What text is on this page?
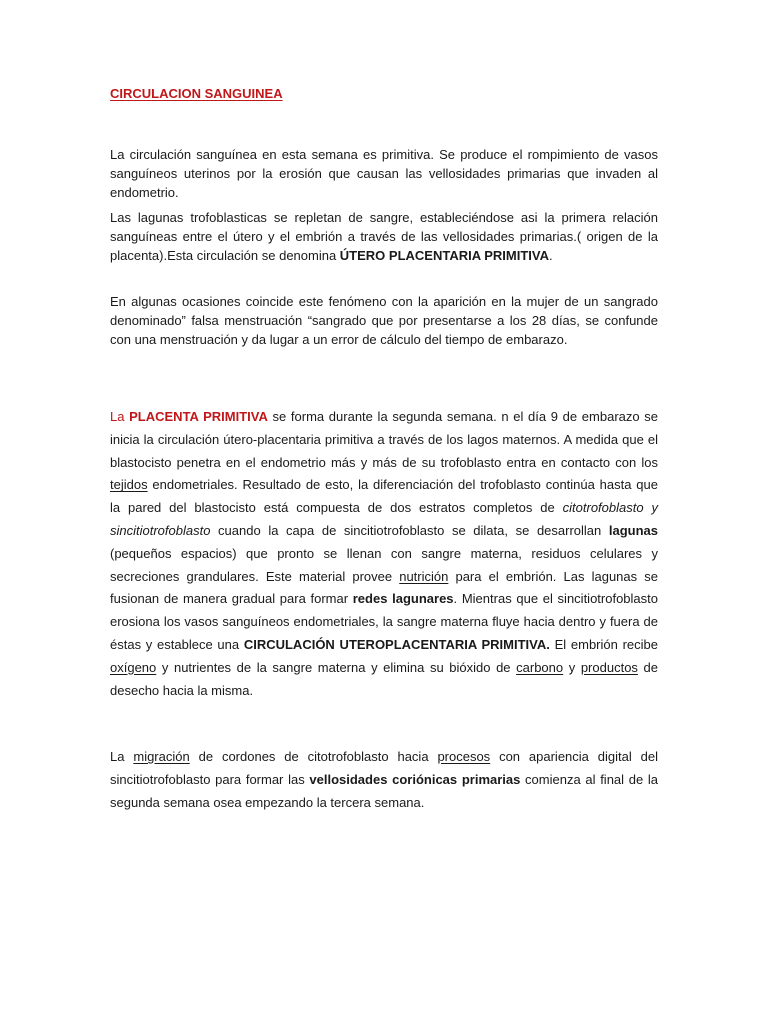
CIRCULACION SANGUINEA

La circulación sanguínea en esta semana es primitiva. Se produce el rompimiento de vasos sanguíneos uterinos por la erosión que causan las vellosidades primarias que invaden al endometrio.

Las lagunas trofoblasticas se repletan de sangre, estableciéndose asi la primera relación sanguíneas entre el útero y el embrión a través de las vellosidades primarias.( origen de la placenta).Esta circulación se denomina ÚTERO PLACENTARIA PRIMITIVA.

En algunas ocasiones coincide este fenómeno con la aparición en la mujer de un sangrado denominado” falsa menstruación “sangrado que por presentarse a los 28 días, se confunde con una menstruación y da lugar a un error de cálculo del tiempo de embarazo.

La PLACENTA PRIMITIVA se forma durante la segunda semana. n el día 9 de embarazo se inicia la circulación útero-placentaria primitiva a través de los lagos maternos. A medida que el blastocisto penetra en el endometrio más y más de su trofoblasto entra en contacto con los tejidos endometriales. Resultado de esto, la diferenciación del trofoblasto continúa hasta que la pared del blastocisto está compuesta de dos estratos completos de citotrofoblasto y sincitiotrofoblasto cuando la capa de sincitiotrofoblasto se dilata, se desarrollan lagunas (pequeños espacios) que pronto se llenan con sangre materna, residuos celulares y secreciones grandulares. Este material provee nutrición para el embrión. Las lagunas se fusionan de manera gradual para formar redes lagunares. Mientras que el sincitiotrofoblasto erosiona los vasos sanguíneos endometriales, la sangre materna fluye hacia dentro y fuera de éstas y establece una CIRCULACIÓN UTEROPLACENTARIA PRIMITIVA. El embrión recibe oxígeno y nutrientes de la sangre materna y elimina su bióxido de carbono y productos de desecho hacia la misma.

La migración de cordones de citotrofoblasto hacia procesos con apariencia digital del sincitiotrofoblasto para formar las vellosidades coriónicas primarias comienza al final de la segunda semana osea empezando la tercera semana.
